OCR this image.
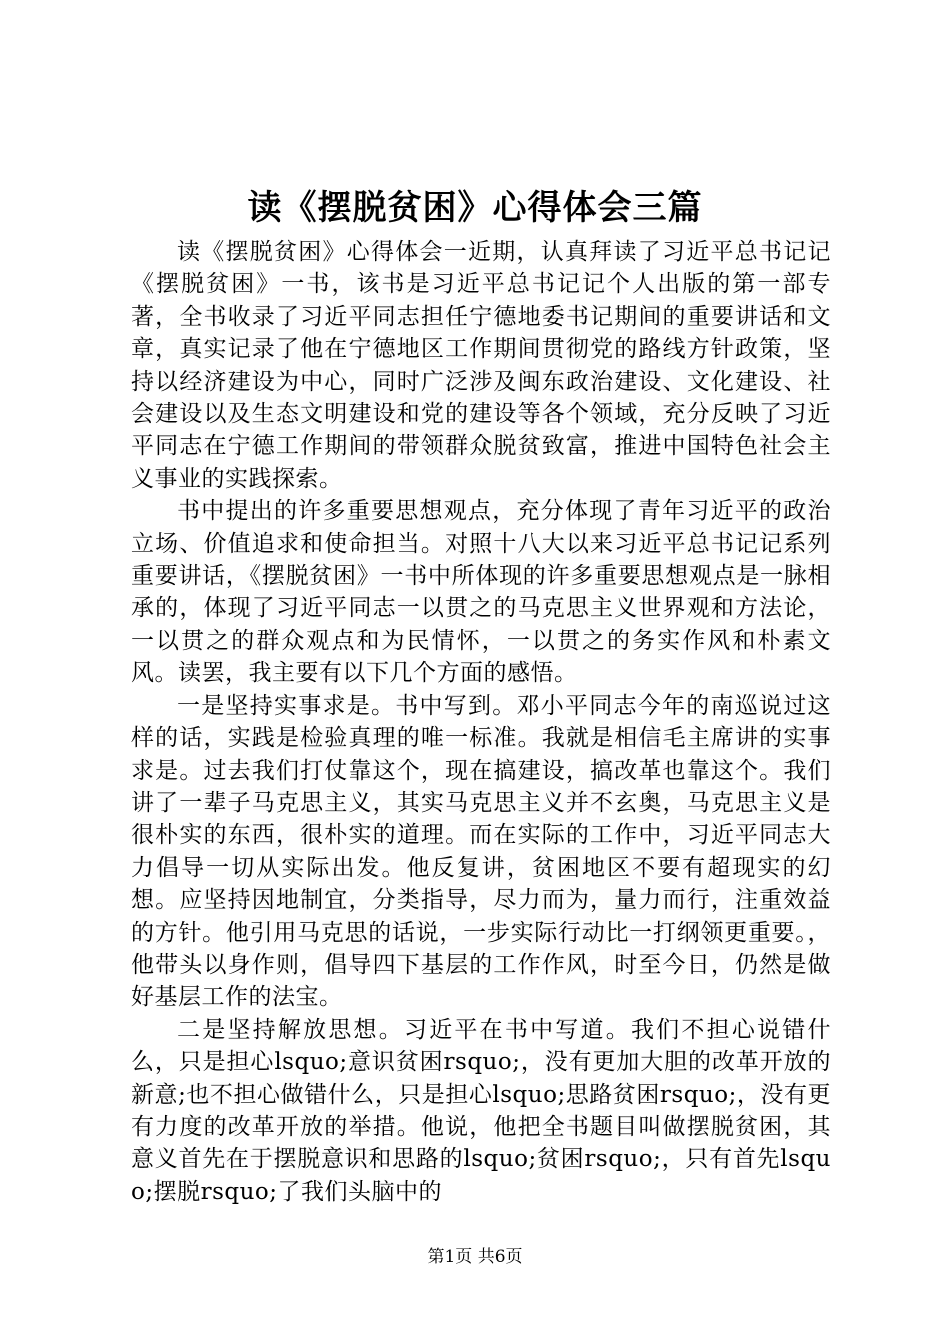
读《摆脱贫困》心得体会三篇

读《摆脱贫困》心得体会一近期，认真拜读了习近平总书记记《摆脱贫困》一书，该书是习近平总书记记个人出版的第一部专著，全书收录了习近平同志担任宁德地委书记期间的重要讲话和文章，真实记录了他在宁德地区工作期间贯彻党的路线方针政策，坚持以经济建设为中心，同时广泛涉及闽东政治建设、文化建设、社会建设以及生态文明建设和党的建设等各个领域，充分反映了习近平同志在宁德工作期间的带领群众脱贫致富，推进中国特色社会主义事业的实践探索。

书中提出的许多重要思想观点，充分体现了青年习近平的政治立场、价值追求和使命担当。对照十八大以来习近平总书记记系列重要讲话，《摆脱贫困》一书中所体现的许多重要思想观点是一脉相承的，体现了习近平同志一以贯之的马克思主义世界观和方法论，一以贯之的群众观点和为民情怀，一以贯之的务实作风和朴素文风。读罢，我主要有以下几个方面的感悟。

一是坚持实事求是。书中写到。邓小平同志今年的南巡说过这样的话，实践是检验真理的唯一标准。我就是相信毛主席讲的实事求是。过去我们打仗靠这个，现在搞建设，搞改革也靠这个。我们讲了一辈子马克思主义，其实马克思主义并不玄奥，马克思主义是很朴实的东西，很朴实的道理。而在实际的工作中，习近平同志大力倡导一切从实际出发。他反复讲，贫困地区不要有超现实的幻想。应坚持因地制宜，分类指导，尽力而为，量力而行，注重效益的方针。他引用马克思的话说，一步实际行动比一打纲领更重要。，他带头以身作则，倡导四下基层的工作作风，时至今日，仍然是做好基层工作的法宝。

二是坚持解放思想。习近平在书中写道。我们不担心说错什么，只是担心lsquo;意识贫困rsquo;，没有更加大胆的改革开放的新意;也不担心做错什么，只是担心lsquo;思路贫困rsquo;，没有更有力度的改革开放的举措。他说，他把全书题目叫做摆脱贫困，其意义首先在于摆脱意识和思路的lsquo;贫困rsquo;，只有首先lsquo;摆脱rsquo;了我们头脑中的

第1页 共6页
